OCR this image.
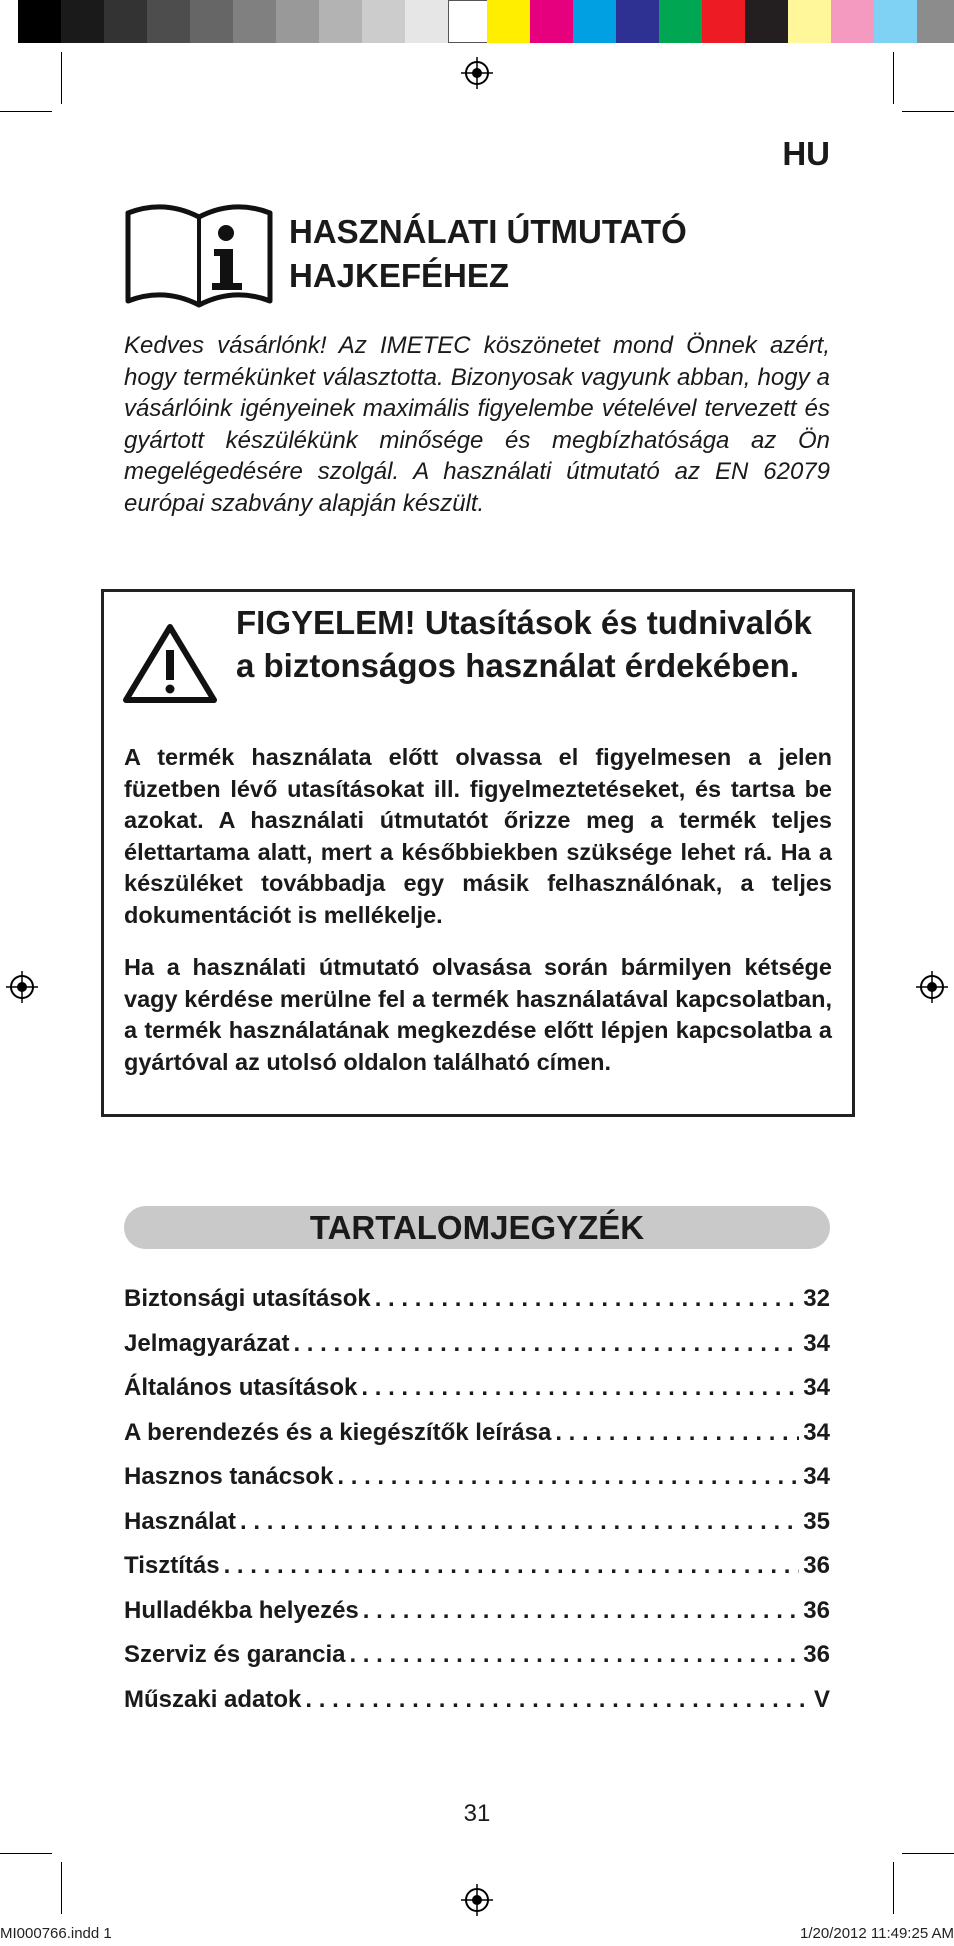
HU
HASZNÁLATI ÚTMUTATÓ
HAJKEFÉHEZ
Kedves vásárlónk! Az IMETEC köszönetet mond Önnek azért, hogy termékünket választotta. Bizonyosak vagyunk abban, hogy a vásárlóink igényeinek maximális figyelembe vételével tervezett és gyártott készülékünk minősége és megbízhatósága az Ön megelégedésére szolgál. A használati útmutató az EN 62079 európai szabvány alapján készült.
FIGYELEM! Utasítások és tudnivalók a biztonságos használat érdekében.
A termék használata előtt olvassa el figyelmesen a jelen füzetben lévő utasításokat ill. figyelmeztetéseket, és tartsa be azokat. A használati útmutatót őrizze meg a termék teljes élettartama alatt, mert a későbbiekben szüksége lehet rá. Ha a készüléket továbbadja egy másik felhasználónak, a teljes dokumentációt is mellékelje.
Ha a használati útmutató olvasása során bármilyen kétsége vagy kérdése merülne fel a termék használatával kapcsolatban, a termék használatának megkezdése előtt lépjen kapcsolatba a gyártóval az utolsó oldalon található címen.
TARTALOMJEGYZÉK
Biztonsági utasítások . . .	32
Jelmagyarázat . . .	34
Általános utasítások . . .	34
A berendezés és a kiegészítők leírása . . .	34
Hasznos tanácsok . . .	34
Használat . . .	35
Tisztítás . . .	36
Hulladékba helyezés . . .	36
Szerviz és garancia . . .	36
Műszaki adatok . . .	V
31
MI000766.indd 1	1/20/2012 11:49:25 AM
